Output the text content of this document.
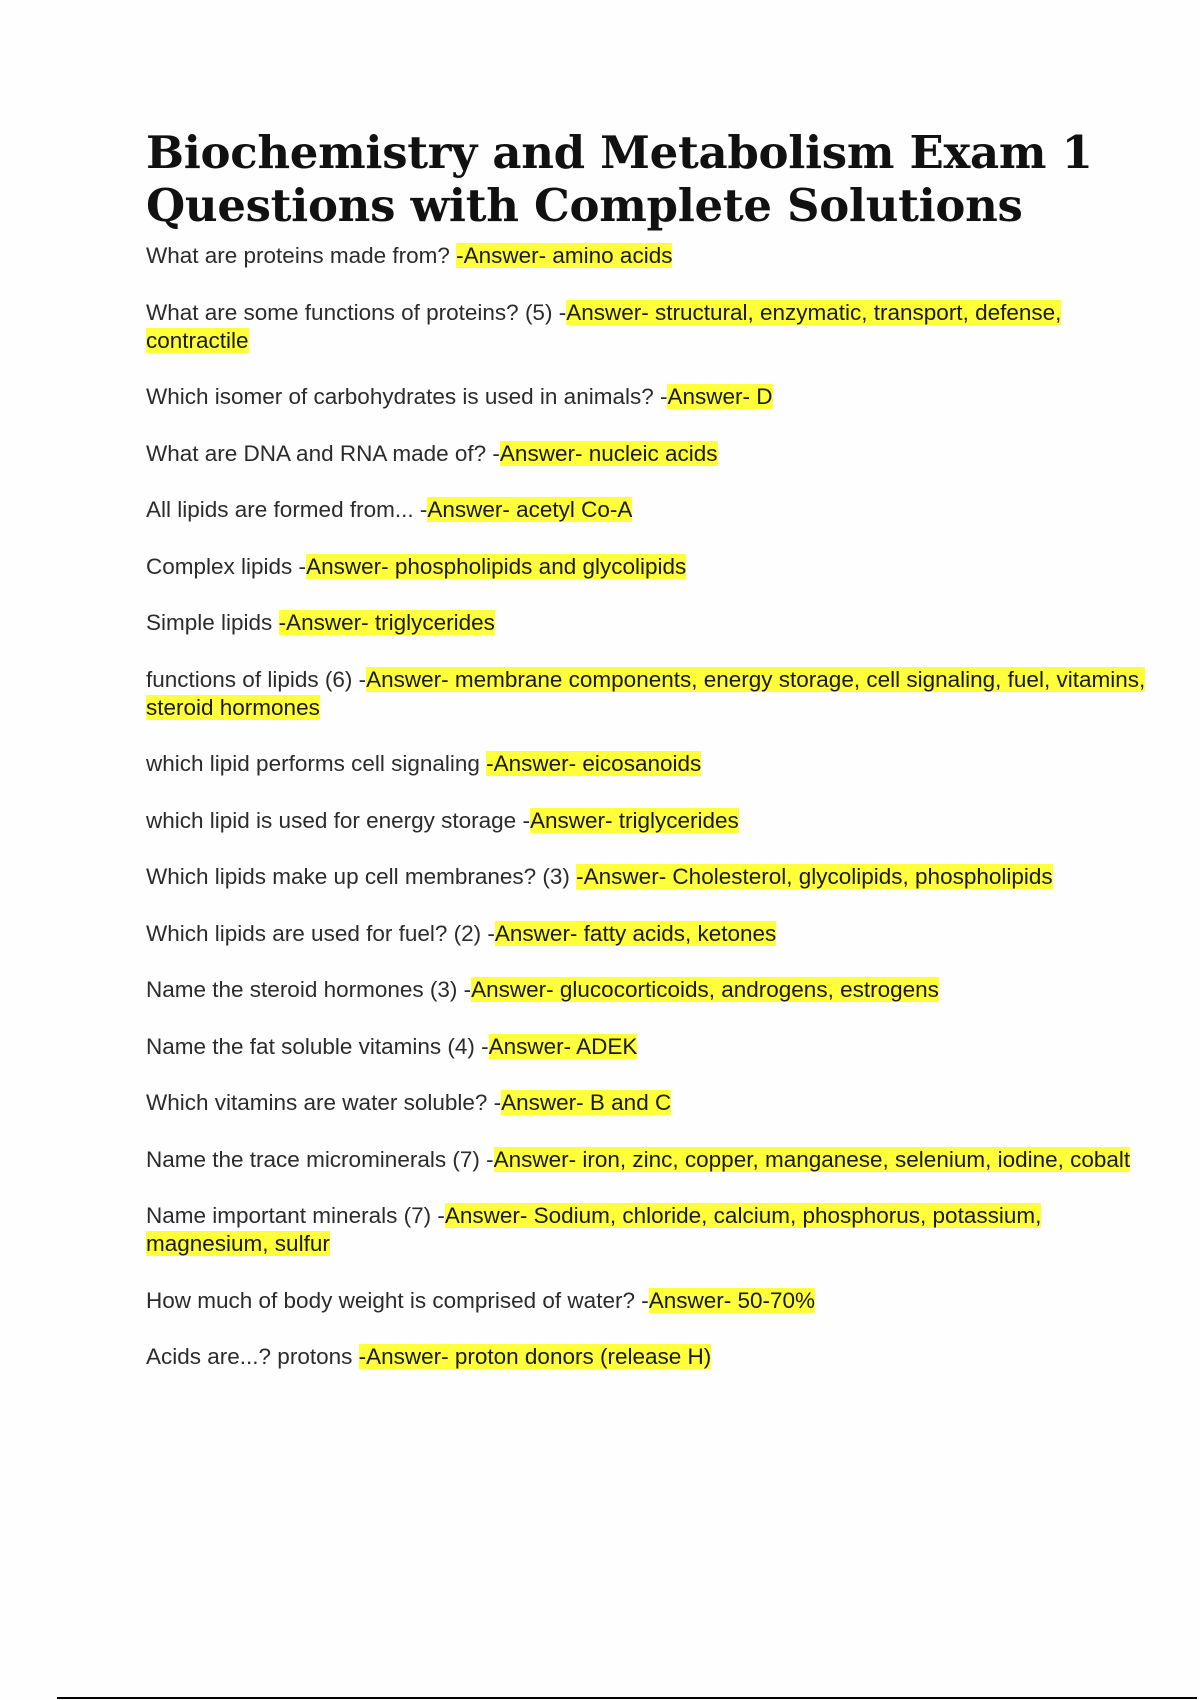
Biochemistry and Metabolism Exam 1 Questions with Complete Solutions
What are proteins made from? -Answer- amino acids
What are some functions of proteins? (5) -Answer- structural, enzymatic, transport, defense, contractile
Which isomer of carbohydrates is used in animals? -Answer- D
What are DNA and RNA made of? -Answer- nucleic acids
All lipids are formed from... -Answer- acetyl Co-A
Complex lipids -Answer- phospholipids and glycolipids
Simple lipids -Answer- triglycerides
functions of lipids (6) -Answer- membrane components, energy storage, cell signaling, fuel, vitamins, steroid hormones
which lipid performs cell signaling -Answer- eicosanoids
which lipid is used for energy storage -Answer- triglycerides
Which lipids make up cell membranes? (3) -Answer- Cholesterol, glycolipids, phospholipids
Which lipids are used for fuel? (2) -Answer- fatty acids, ketones
Name the steroid hormones (3) -Answer- glucocorticoids, androgens, estrogens
Name the fat soluble vitamins (4) -Answer- ADEK
Which vitamins are water soluble? -Answer- B and C
Name the trace microminerals (7) -Answer- iron, zinc, copper, manganese, selenium, iodine, cobalt
Name important minerals (7) -Answer- Sodium, chloride, calcium, phosphorus, potassium, magnesium, sulfur
How much of body weight is comprised of water? -Answer- 50-70%
Acids are...? protons -Answer- proton donors (release H)
